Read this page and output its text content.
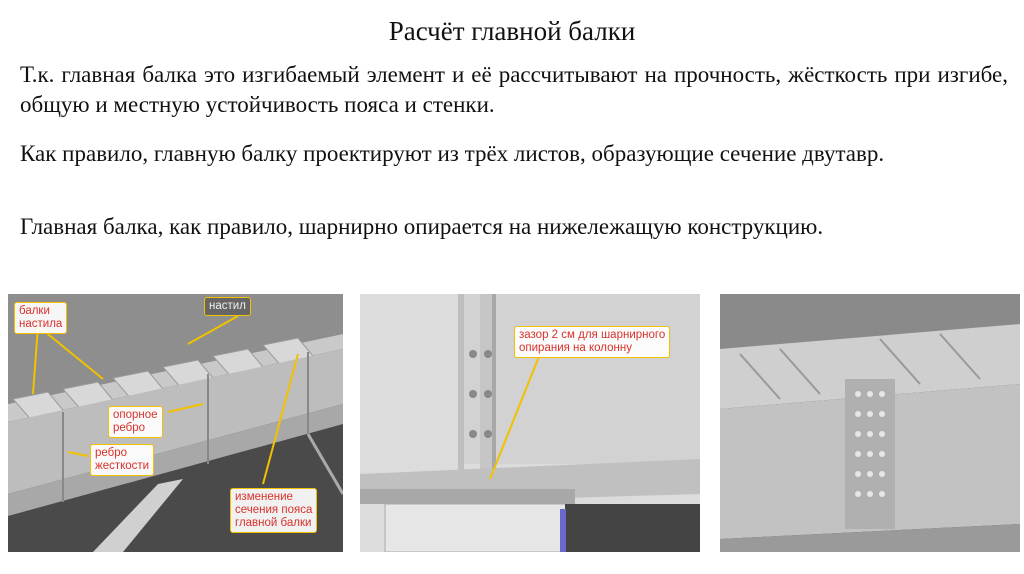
Расчёт главной балки
Т.к. главная балка это изгибаемый элемент и её рассчитывают на прочность, жёсткость при изгибе, общую и местную устойчивость пояса и стенки.
Как правило, главную балку проектируют из трёх листов, образующие сечение двутавр.
Главная балка, как правило, шарнирно опирается на нижележащую конструкцию.
балки
настила
настил
опорное
ребро
ребро
жесткости
изменение
сечения пояса
главной балки
зазор 2 см для шарнирного
опирания на колонну
